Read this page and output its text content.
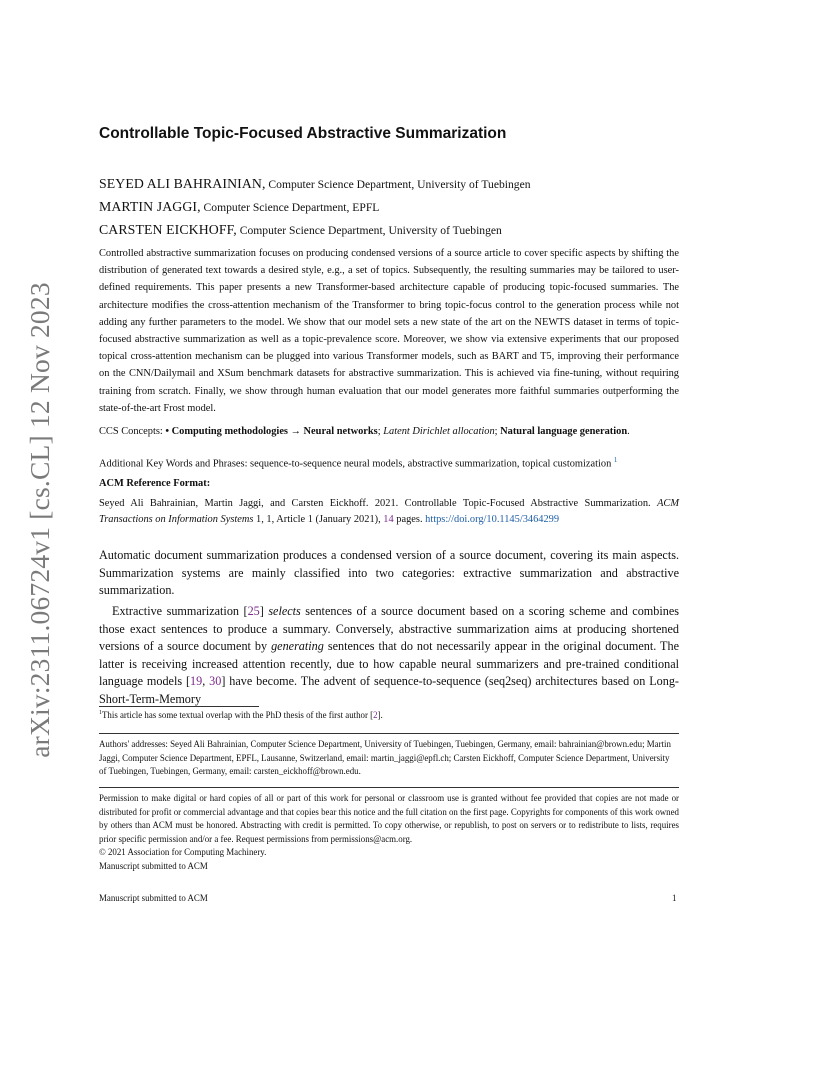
arXiv:2311.06724v1 [cs.CL] 12 Nov 2023
Controllable Topic-Focused Abstractive Summarization
SEYED ALI BAHRAINIAN, Computer Science Department, University of Tuebingen
MARTIN JAGGI, Computer Science Department, EPFL
CARSTEN EICKHOFF, Computer Science Department, University of Tuebingen

Controlled abstractive summarization focuses on producing condensed versions of a source article to cover specific aspects by shifting the distribution of generated text towards a desired style, e.g., a set of topics. Subsequently, the resulting summaries may be tailored to user-defined requirements. This paper presents a new Transformer-based architecture capable of producing topic-focused summaries. The architecture modifies the cross-attention mechanism of the Transformer to bring topic-focus control to the generation process while not adding any further parameters to the model. We show that our model sets a new state of the art on the NEWTS dataset in terms of topic-focused abstractive summarization as well as a topic-prevalence score. Moreover, we show via extensive experiments that our proposed topical cross-attention mechanism can be plugged into various Transformer models, such as BART and T5, improving their performance on the CNN/Dailymail and XSum benchmark datasets for abstractive summarization. This is achieved via fine-tuning, without requiring training from scratch. Finally, we show through human evaluation that our model generates more faithful summaries outperforming the state-of-the-art Frost model.

CCS Concepts: • Computing methodologies → Neural networks; Latent Dirichlet allocation; Natural language generation.

Additional Key Words and Phrases: sequence-to-sequence neural models, abstractive summarization, topical customization $^1$

ACM Reference Format:

Seyed Ali Bahrainian, Martin Jaggi, and Carsten Eickhoff. 2021. Controllable Topic-Focused Abstractive Summarization. ACM Transactions on Information Systems 1, 1, Article 1 (January 2021), 14 pages. https://doi.org/10.1145/3464299

Automatic document summarization produces a condensed version of a source document, covering its main aspects. Summarization systems are mainly classified into two categories: extractive summarization and abstractive summarization.

Extractive summarization [25] selects sentences of a source document based on a scoring scheme and combines those exact sentences to produce a summary. Conversely, abstractive summarization aims at producing shortened versions of a source document by generating sentences that do not necessarily appear in the original document. The latter is receiving increased attention recently, due to how capable neural summarizers and pre-trained conditional language models [19, 30] have become. The advent of sequence-to-sequence (seq2seq) architectures based on Long-Short-Term-Memory

$^1$This article has some textual overlap with the PhD thesis of the first author [2].

Authors' addresses: Seyed Ali Bahrainian, Computer Science Department, University of Tuebingen, Tuebingen, Germany, email: bahrainian@brown.edu; Martin Jaggi, Computer Science Department, EPFL, Lausanne, Switzerland, email: martin_jaggi@epfl.ch; Carsten Eickhoff, Computer Science Department, University of Tuebingen, Tuebingen, Germany, email: carsten_eickhoff@brown.edu.

Permission to make digital or hard copies of all or part of this work for personal or classroom use is granted without fee provided that copies are not made or distributed for profit or commercial advantage and that copies bear this notice and the full citation on the first page. Copyrights for components of this work owned by others than ACM must be honored. Abstracting with credit is permitted. To copy otherwise, or republish, to post on servers or to redistribute to lists, requires prior specific permission and/or a fee. Request permissions from permissions@acm.org.

© 2021 Association for Computing Machinery.

Manuscript submitted to ACM

Manuscript submitted to ACM	1
